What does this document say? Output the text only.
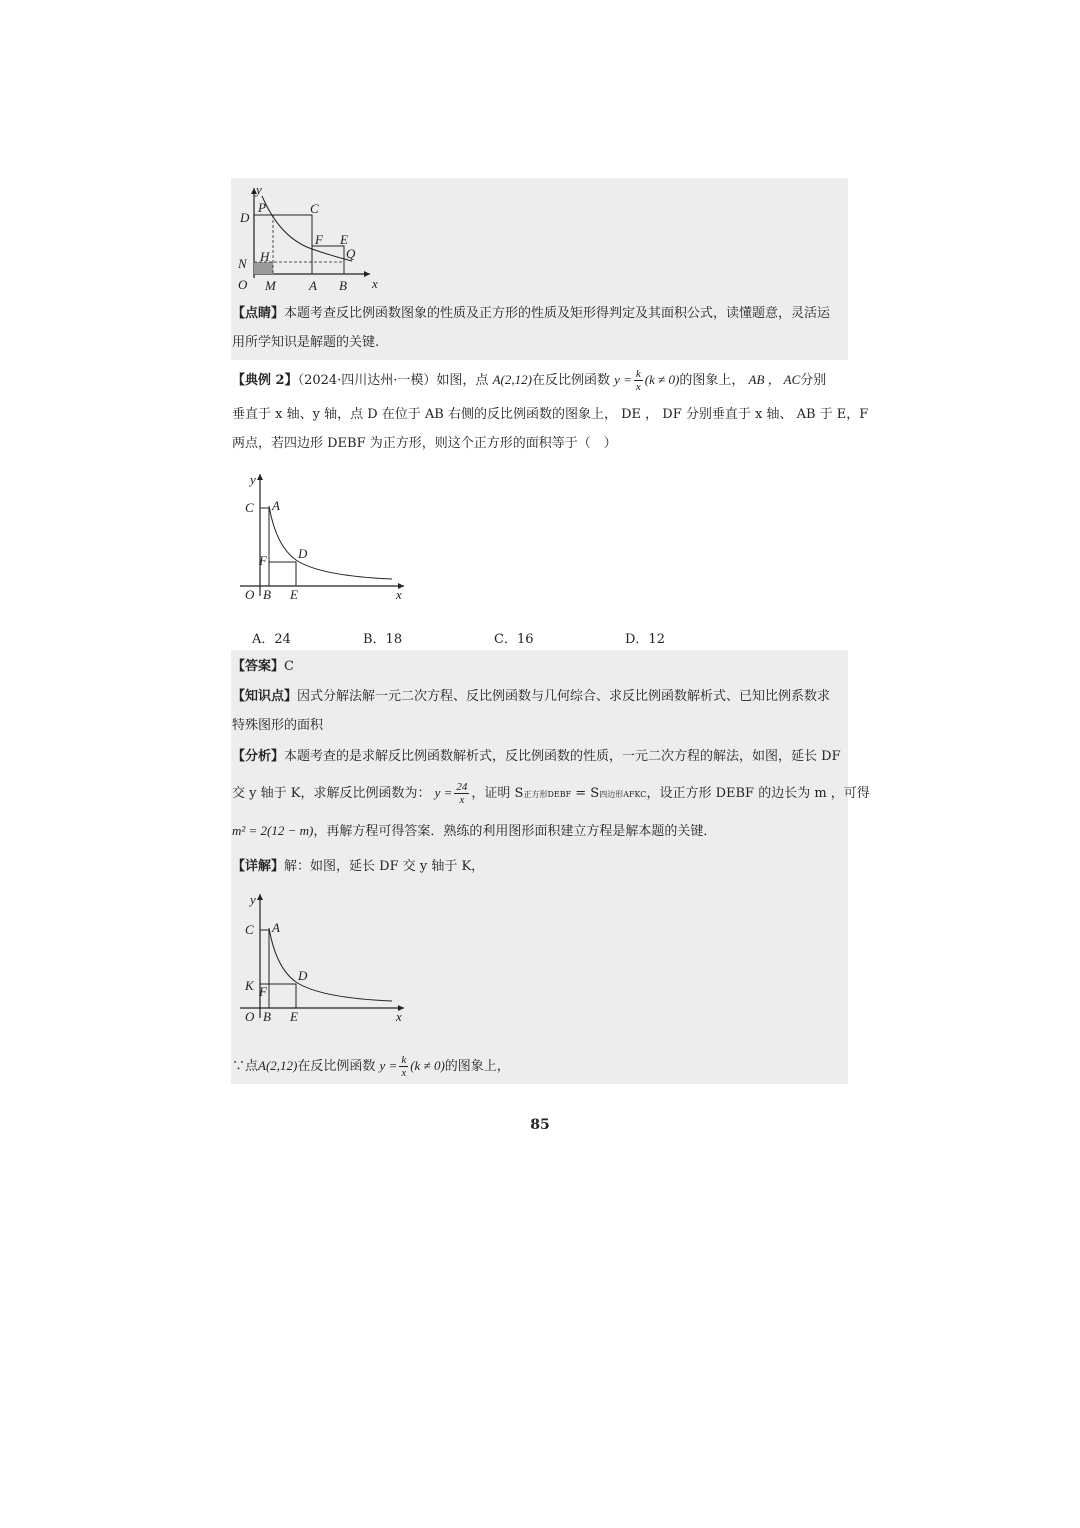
y
x
P	C
D
F E
Q
H
N
O M	A B
【点睛】本题考查反比例函数图象的性质及正方形的性质及矩形得判定及其面积公式，读懂题意，灵活运
用所学知识是解题的关键.
【典例 2】（2024·四川达州·一模）如图，点 A(2,12)在反比例函数 $y = \frac{k}{x} (k \ne 0)$的图象上， AB ， AC分别
垂直于 x 轴、y 轴，点 D 在位于 AB 右侧的反比例函数的图象上， DE ， DF 分别垂直于 x 轴、 AB 于 E，F
两点，若四边形 DEBF 为正方形，则这个正方形的面积等于（　）
y
C A
F D
O B E	x
A．24	B．18	C．16	D．12
【答案】C
【知识点】因式分解法解一元二次方程、反比例函数与几何综合、求反比例函数解析式、已知比例系数求
特殊图形的面积
【分析】本题考查的是求解反比例函数解析式，反比例函数的性质，一元二次方程的解法，如图，延长 DF
交 y 轴于 K，求解反比例函数为： $y = \frac{24}{x}$ ，证明 S正方形DEBF = S四边形AFKC，设正方形 DEBF 的边长为 m ，可得
m² = 2(12 − m)，再解方程可得答案．熟练的利用图形面积建立方程是解本题的关键．
【详解】解：如图，延长 DF 交 y 轴于 K，
y
C A
K F
D
O B E	x
∵点A(2,12)在反比例函数 $y = \frac{k}{x} (k \ne 0)$的图象上，
85
